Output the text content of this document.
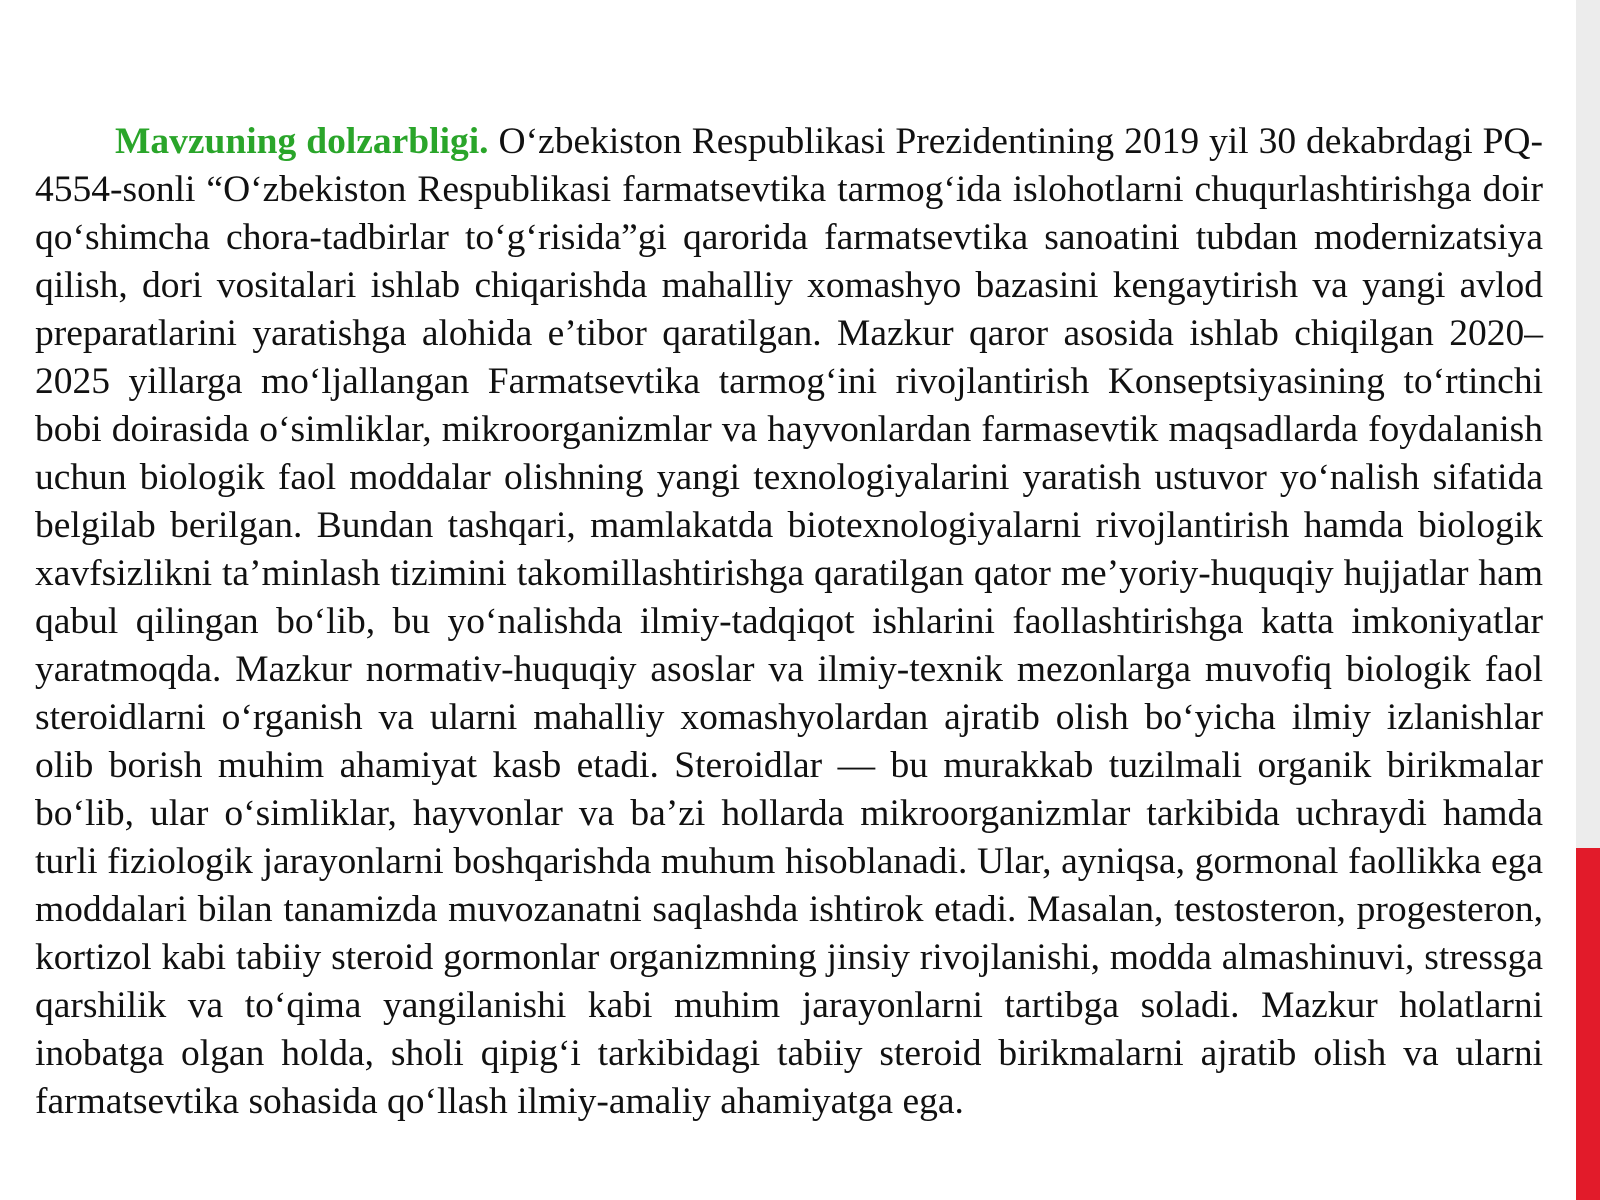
Mavzuning dolzarbligi. O‘zbekiston Respublikasi Prezidentining 2019 yil 30 dekabrdagi PQ-4554-sonli “O‘zbekiston Respublikasi farmatsevtika tarmog‘ida islohotlarni chuqurlashtirishga doir qo‘shimcha chora-tadbirlar to‘g‘risida”gi qarorida farmatsevtika sanoatini tubdan modernizatsiya qilish, dori vositalari ishlab chiqarishda mahalliy xomashyo bazasini kengaytirish va yangi avlod preparatlarini yaratishga alohida e’tibor qaratilgan. Mazkur qaror asosida ishlab chiqilgan 2020–2025 yillarga mo‘ljallangan Farmatsevtika tarmog‘ini rivojlantirish Konseptsiyasining to‘rtinchi bobi doirasida o‘simliklar, mikroorganizmlar va hayvonlardan farmasevtik maqsadlarda foydalanish uchun biologik faol moddalar olishning yangi texnologiyalarini yaratish ustuvor yo‘nalish sifatida belgilab berilgan. Bundan tashqari, mamlakatda biotexnologiyalarni rivojlantirish hamda biologik xavfsizlikni ta’minlash tizimini takomillashtirishga qaratilgan qator me’yoriy-huquqiy hujjatlar ham qabul qilingan bo‘lib, bu yo‘nalishda ilmiy-tadqiqot ishlarini faollashtirishga katta imkoniyatlar yaratmoqda. Mazkur normativ-huquqiy asoslar va ilmiy-texnik mezonlarga muvofiq biologik faol steroidlarni o‘rganish va ularni mahalliy xomashyolardan ajratib olish bo‘yicha ilmiy izlanishlar olib borish muhim ahamiyat kasb etadi. Steroidlar — bu murakkab tuzilmali organik birikmalar bo‘lib, ular o‘simliklar, hayvonlar va ba’zi hollarda mikroorganizmlar tarkibida uchraydi hamda turli fiziologik jarayonlarni boshqarishda muhum hisoblanadi. Ular, ayniqsa, gormonal faollikka ega moddalari bilan tanamizda muvozanatni saqlashda ishtirok etadi. Masalan, testosteron, progesteron, kortizol kabi tabiiy steroid gormonlar organizmning jinsiy rivojlanishi, modda almashinuvi, stressga qarshilik va to‘qima yangilanishi kabi muhim jarayonlarni tartibga soladi. Mazkur holatlarni inobatga olgan holda, sholi qipig‘i tarkibidagi tabiiy steroid birikmalarni ajratib olish va ularni farmatsevtika sohasida qo‘llash ilmiy-amaliy ahamiyatga ega.
